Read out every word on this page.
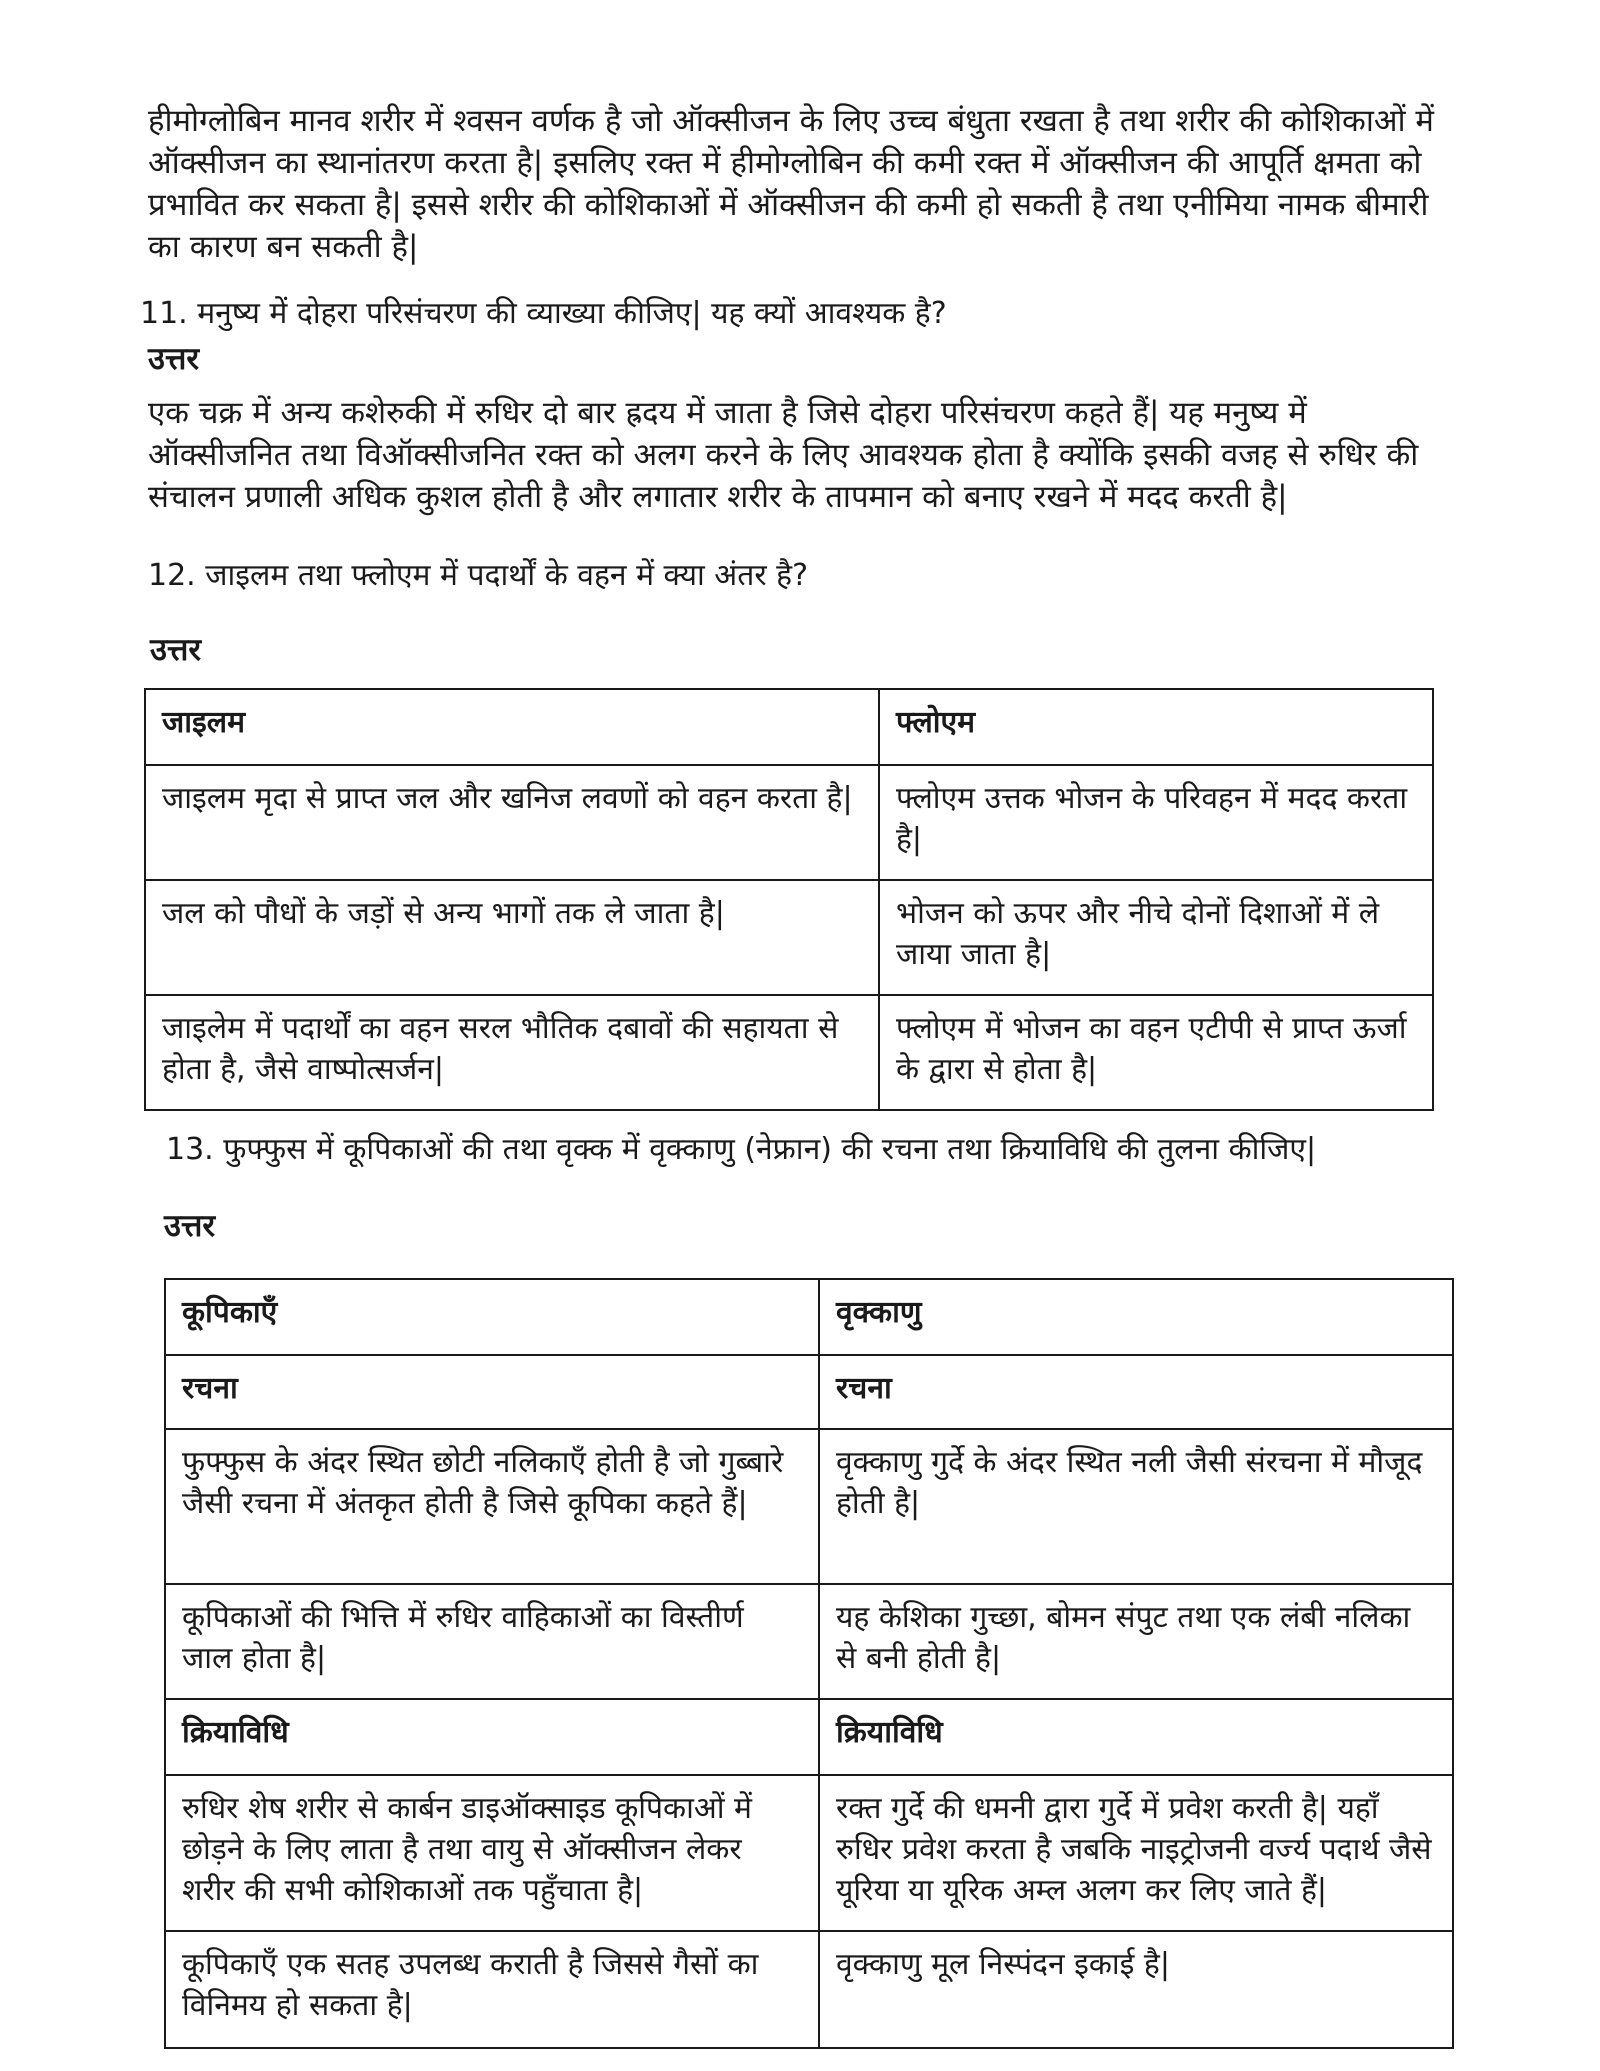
हीमोग्लोबिन मानव शरीर में श्वसन वर्णक है जो ऑक्सीजन के लिए उच्च बंधुता रखता है तथा शरीर की कोशिकाओं में ऑक्सीजन का स्थानांतरण करता है| इसलिए रक्त में हीमोग्लोबिन की कमी रक्त में ऑक्सीजन की आपूर्ति क्षमता को प्रभावित कर सकता है| इससे शरीर की कोशिकाओं में ऑक्सीजन की कमी हो सकती है तथा एनीमिया नामक बीमारी का कारण बन सकती है|

11. मनुष्य में दोहरा परिसंचरण की व्याख्या कीजिए| यह क्यों आवश्यक है?

उत्तर

एक चक्र में अन्य कशेरुकी में रुधिर दो बार ह्रदय में जाता है जिसे दोहरा परिसंचरण कहते हैं| यह मनुष्य में ऑक्सीजनित तथा विऑक्सीजनित रक्त को अलग करने के लिए आवश्यक होता है क्योंकि इसकी वजह से रुधिर की संचालन प्रणाली अधिक कुशल होती है और लगातार शरीर के तापमान को बनाए रखने में मदद करती है|

12. जाइलम तथा फ्लोएम में पदार्थों के वहन में क्या अंतर है?

उत्तर

जाइलम	फ्लोएम
जाइलम मृदा से प्राप्त जल और खनिज लवणों को वहन करता है|	फ्लोएम उत्तक भोजन के परिवहन में मदद करता है|
जल को पौधों के जड़ों से अन्य भागों तक ले जाता है|	भोजन को ऊपर और नीचे दोनों दिशाओं में ले जाया जाता है|
जाइलेम में पदार्थों का वहन सरल भौतिक दबावों की सहायता से होता है, जैसे वाष्पोत्सर्जन|	फ्लोएम में भोजन का वहन एटीपी से प्राप्त ऊर्जा के द्वारा से होता है|

13. फुफ्फुस में कूपिकाओं की तथा वृक्क में वृक्काणु (नेफ्रान) की रचना तथा क्रियाविधि की तुलना कीजिए|

उत्तर

कूपिकाएँ	वृक्काणु
रचना	रचना
फुफ्फुस के अंदर स्थित छोटी नलिकाएँ होती है जो गुब्बारे जैसी रचना में अंतकृत होती है जिसे कूपिका कहते हैं|	वृक्काणु गुर्दे के अंदर स्थित नली जैसी संरचना में मौजूद होती है|
कूपिकाओं की भित्ति में रुधिर वाहिकाओं का विस्तीर्ण जाल होता है|	यह केशिका गुच्छा, बोमन संपुट तथा एक लंबी नलिका से बनी होती है|
क्रियाविधि	क्रियाविधि
रुधिर शेष शरीर से कार्बन डाइऑक्साइड कूपिकाओं में छोड़ने के लिए लाता है तथा वायु से ऑक्सीजन लेकर शरीर की सभी कोशिकाओं तक पहुँचाता है|	रक्त गुर्दे की धमनी द्वारा गुर्दे में प्रवेश करती है| यहाँ रुधिर प्रवेश करता है जबकि नाइट्रोजनी वर्ज्य पदार्थ जैसे यूरिया या यूरिक अम्ल अलग कर लिए जाते हैं|
कूपिकाएँ एक सतह उपलब्ध कराती है जिससे गैसों का विनिमय हो सकता है|	वृक्काणु मूल निस्पंदन इकाई है|
